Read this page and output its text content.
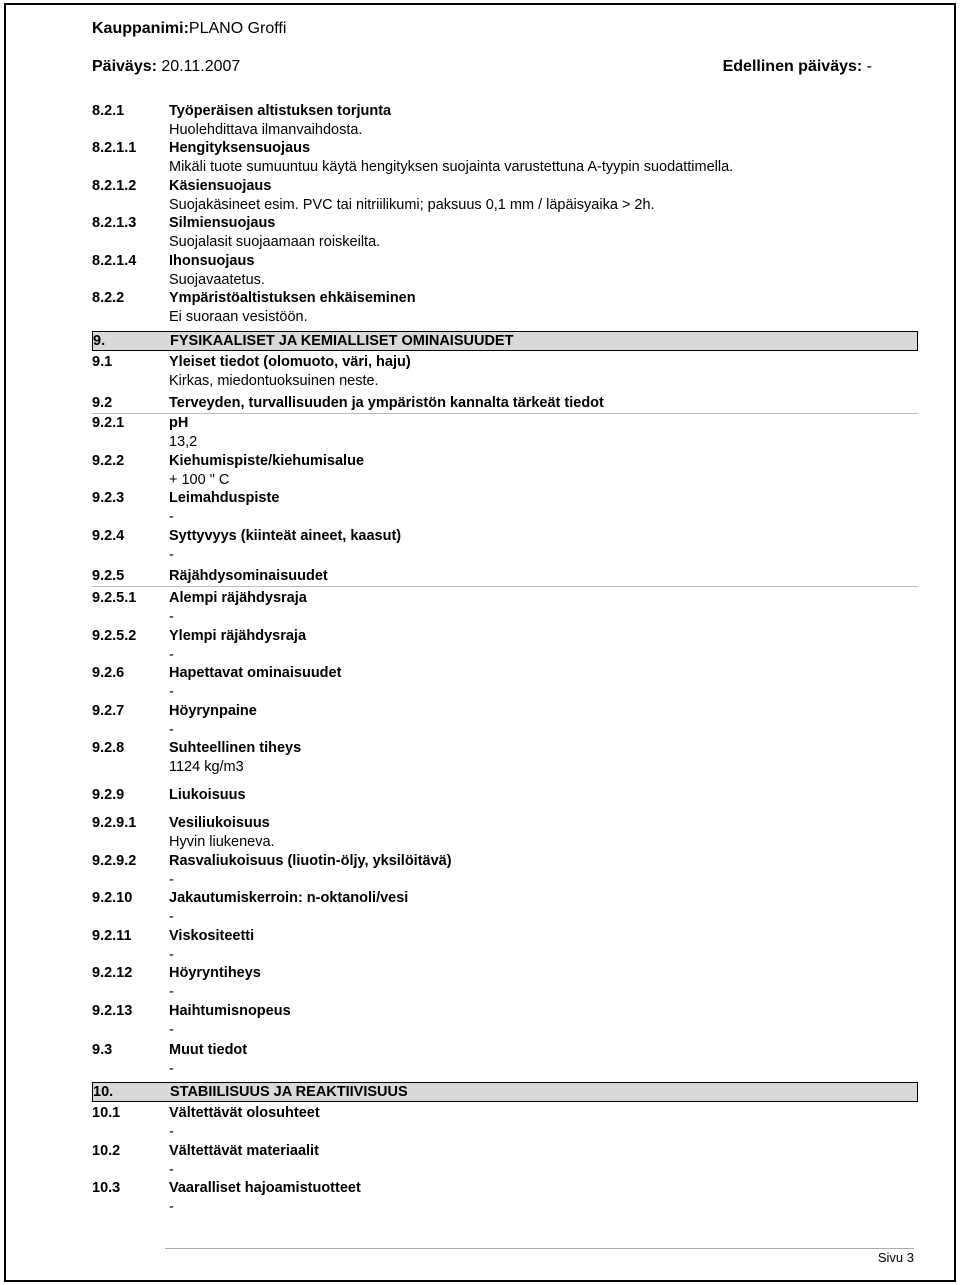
Kauppanimi:PLANO Groffi
Päiväys: 20.11.2007	Edellinen päiväys: -
8.2.1	Työperäisen altistuksen torjunta
Huolehdittava ilmanvaihdosta.
8.2.1.1 Hengityksensuojaus
Mikäli tuote sumuuntuu käytä hengityksen suojainta varustettuna A-tyypin suodattimella.
8.2.1.2 Käsiensuojaus
Suojakäsineet esim. PVC tai nitriilikumi; paksuus 0,1 mm / läpäisyaika > 2h.
8.2.1.3 Silmiensuojaus
Suojalasit suojaamaan roiskeilta.
8.2.1.4 Ihonsuojaus
Suojavaatetus.
8.2.2	Ympäristöaltistuksen ehkäiseminen
Ei suoraan vesistöön.
9.	FYSIKAALISET JA KEMIALLISET OMINAISUUDET
9.1	Yleiset tiedot (olomuoto, väri, haju)
Kirkas, miedontuoksuinen neste.
9.2	Terveyden, turvallisuuden ja ympäristön kannalta tärkeät tiedot
9.2.1	pH
13,2
9.2.2	Kiehumispiste/kiehumisalue
+ 100 " C
9.2.3	Leimahduspiste
-
9.2.4	Syttyvyys (kiinteät aineet, kaasut)
-
9.2.5	Räjähdysominaisuudet
9.2.5.1 Alempi räjähdysraja
-
9.2.5.2 Ylempi räjähdysraja
-
9.2.6	Hapettavat ominaisuudet
-
9.2.7	Höyrynpaine
-
9.2.8	Suhteellinen tiheys
1124 kg/m3
9.2.9	Liukoisuus
9.2.9.1 Vesiliukoisuus
Hyvin liukeneva.
9.2.9.2 Rasvaliukoisuus (liuotin-öljy, yksilöitävä)
-
9.2.10	Jakautumiskerroin: n-oktanoli/vesi
-
9.2.11	Viskositeetti
-
9.2.12	Höyryntiheys
-
9.2.13	Haihtumisnopeus
-
9.3	Muut tiedot
-
10.	STABIILISUUS JA REAKTIIVISUUS
10.1	Vältettävät olosuhteet
-
10.2	Vältettävät materiaalit
-
10.3	Vaaralliset hajoamistuotteet
-
Sivu 3
